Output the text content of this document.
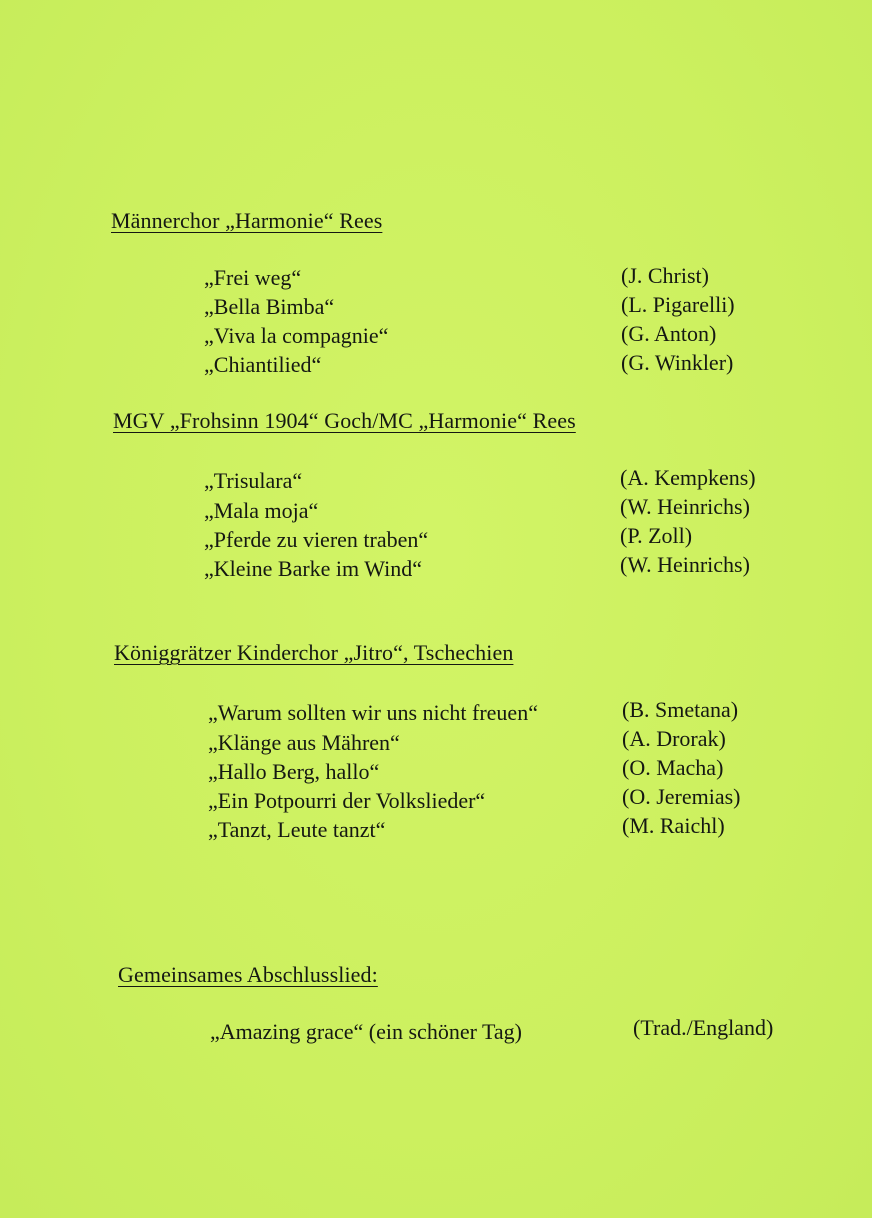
Männerchor „Harmonie“ Rees
„Frei weg“	(J. Christ)
„Bella Bimba“	(L. Pigarelli)
„Viva la compagnie“	(G. Anton)
„Chiantilied“	(G. Winkler)
MGV „Frohsinn 1904“ Goch/MC „Harmonie“ Rees
„Trisulara“	(A. Kempkens)
„Mala moja“	(W. Heinrichs)
„Pferde zu vieren traben“	(P. Zoll)
„Kleine Barke im Wind“	(W. Heinrichs)
Königgrätzer Kinderchor „Jitro“, Tschechien
„Warum sollten wir uns nicht freuen“	(B. Smetana)
„Klänge aus Mähren“	(A. Drorak)
„Hallo Berg, hallo“	(O. Macha)
„Ein Potpourri der Volkslieder“	(O. Jeremias)
„Tanzt, Leute tanzt“	(M. Raichl)
Gemeinsames Abschlusslied:
„Amazing grace“ (ein schöner Tag)	(Trad./England)
